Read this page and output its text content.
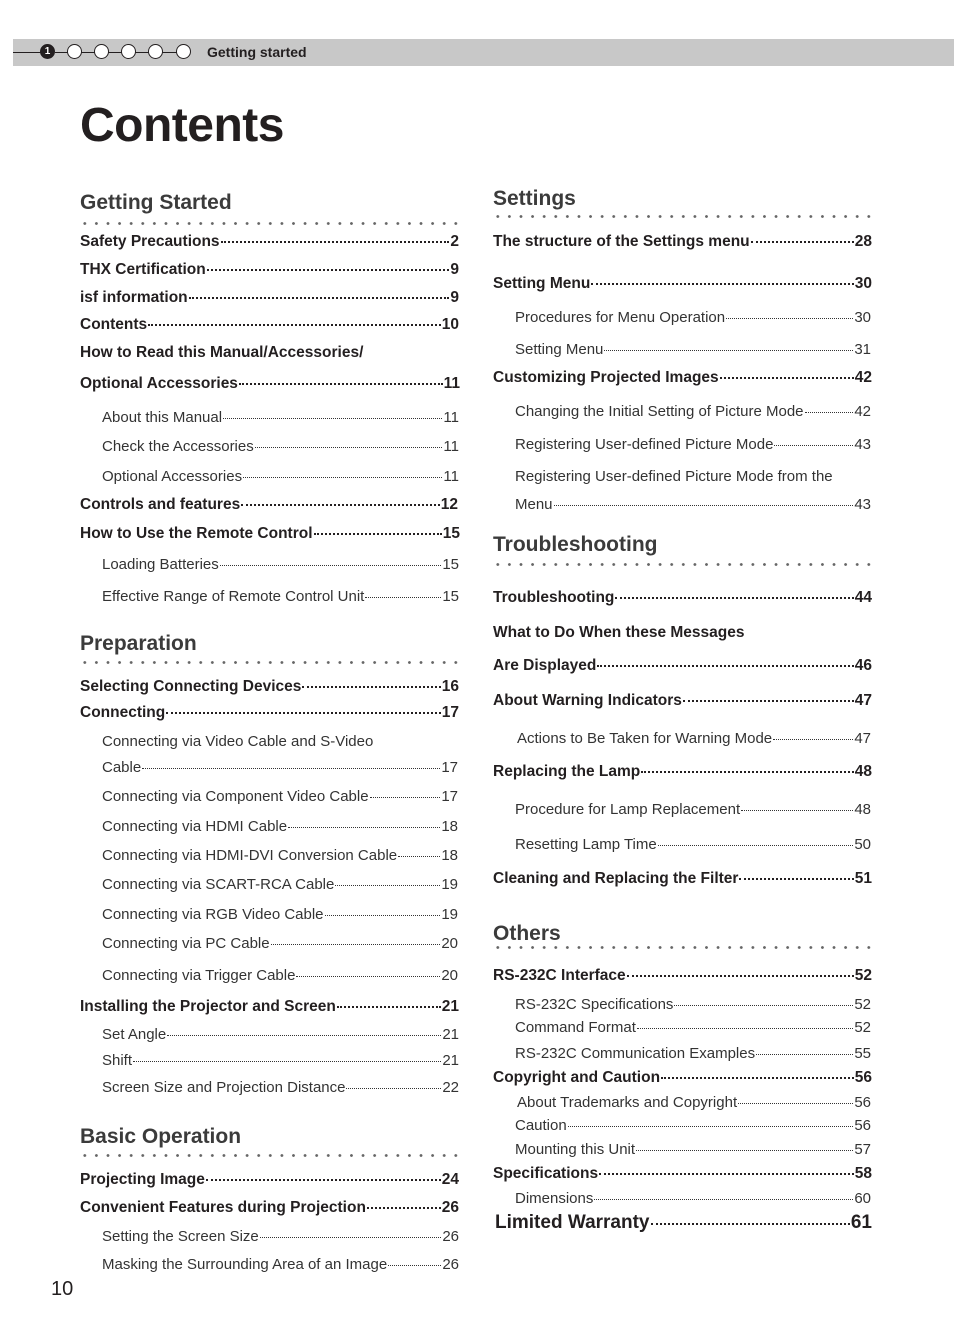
1	Getting started
Contents
Getting Started
Safety Precautions	2
THX Certification	9
isf information	9
Contents	10
How to Read this Manual/Accessories/
Optional Accessories	11
About this Manual	11
Check the Accessories	11
Optional Accessories	11
Controls and features	12
How to Use the Remote Control	15
Loading Batteries	15
Effective Range of Remote Control Unit	15
Preparation
Selecting Connecting Devices	16
Connecting	17
Connecting via Video Cable and S-Video
Cable	17
Connecting via Component Video Cable	17
Connecting via HDMI Cable	18
Connecting via HDMI-DVI Conversion Cable	18
Connecting via SCART-RCA Cable	19
Connecting via RGB Video Cable	19
Connecting via PC Cable	20
Connecting via Trigger Cable	20
Installing the Projector and Screen	21
Set Angle	21
Shift	21
Screen Size and Projection Distance	22
Basic Operation
Projecting Image	24
Convenient Features during Projection	26
Setting the Screen Size	26
Masking the Surrounding Area of an Image	26
Settings
The structure of the Settings menu	28
Setting Menu	30
Procedures for Menu Operation	30
Setting Menu	31
Customizing Projected Images	42
Changing the Initial Setting of Picture Mode	42
Registering User-defined Picture Mode	43
Registering User-defined Picture Mode from the
Menu	43
Troubleshooting
Troubleshooting	44
What to Do When these Messages
Are Displayed	46
About Warning Indicators	47
Actions to Be Taken for Warning Mode	47
Replacing the Lamp	48
Procedure for Lamp Replacement	48
Resetting Lamp Time	50
Cleaning and Replacing the Filter	51
Others
RS-232C Interface	52
RS-232C Specifications	52
Command Format	52
RS-232C Communication Examples	55
Copyright and Caution	56
About Trademarks and Copyright	56
Caution	56
Mounting this Unit	57
Specifications	58
Dimensions	60
Limited Warranty	61
10
